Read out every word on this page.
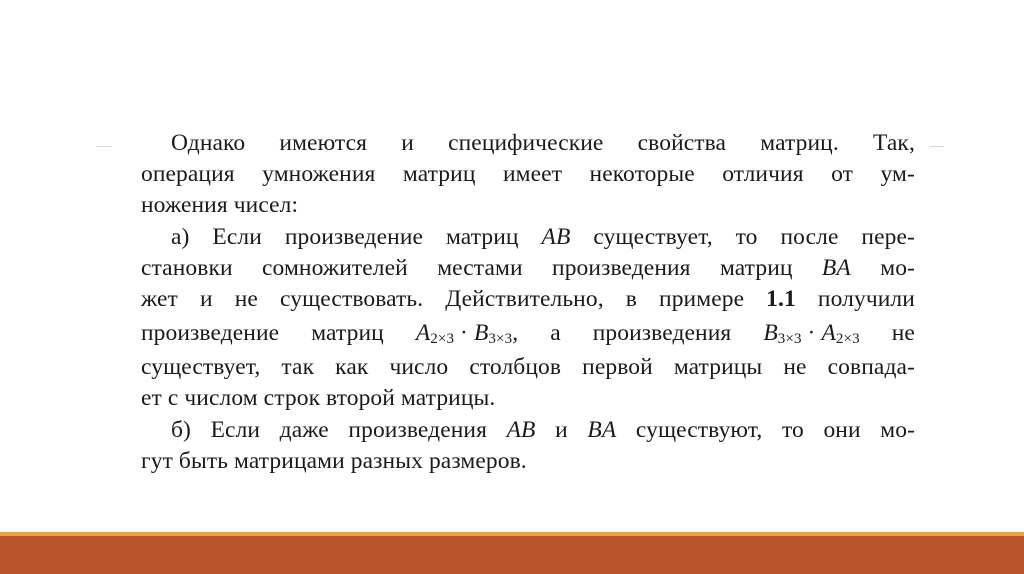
Однако имеются и специфические свойства матриц. Так,
операция умножения матриц имеет некоторые отличия от ум-
ножения чисел:
а) Если произведение матриц AB существует, то после пере-
становки сомножителей местами произведения матриц BA мо-
жет и не существовать. Действительно, в примере 1.1 получили
произведение матриц $A_{2\times 3} \cdot B_{3\times 3}$, а произведения $B_{3\times 3} \cdot A_{2\times 3}$ не
существует, так как число столбцов первой матрицы не совпада-
ет с числом строк второй матрицы.
б) Если даже произведения AB и BA существуют, то они мо-
гут быть матрицами разных размеров.
